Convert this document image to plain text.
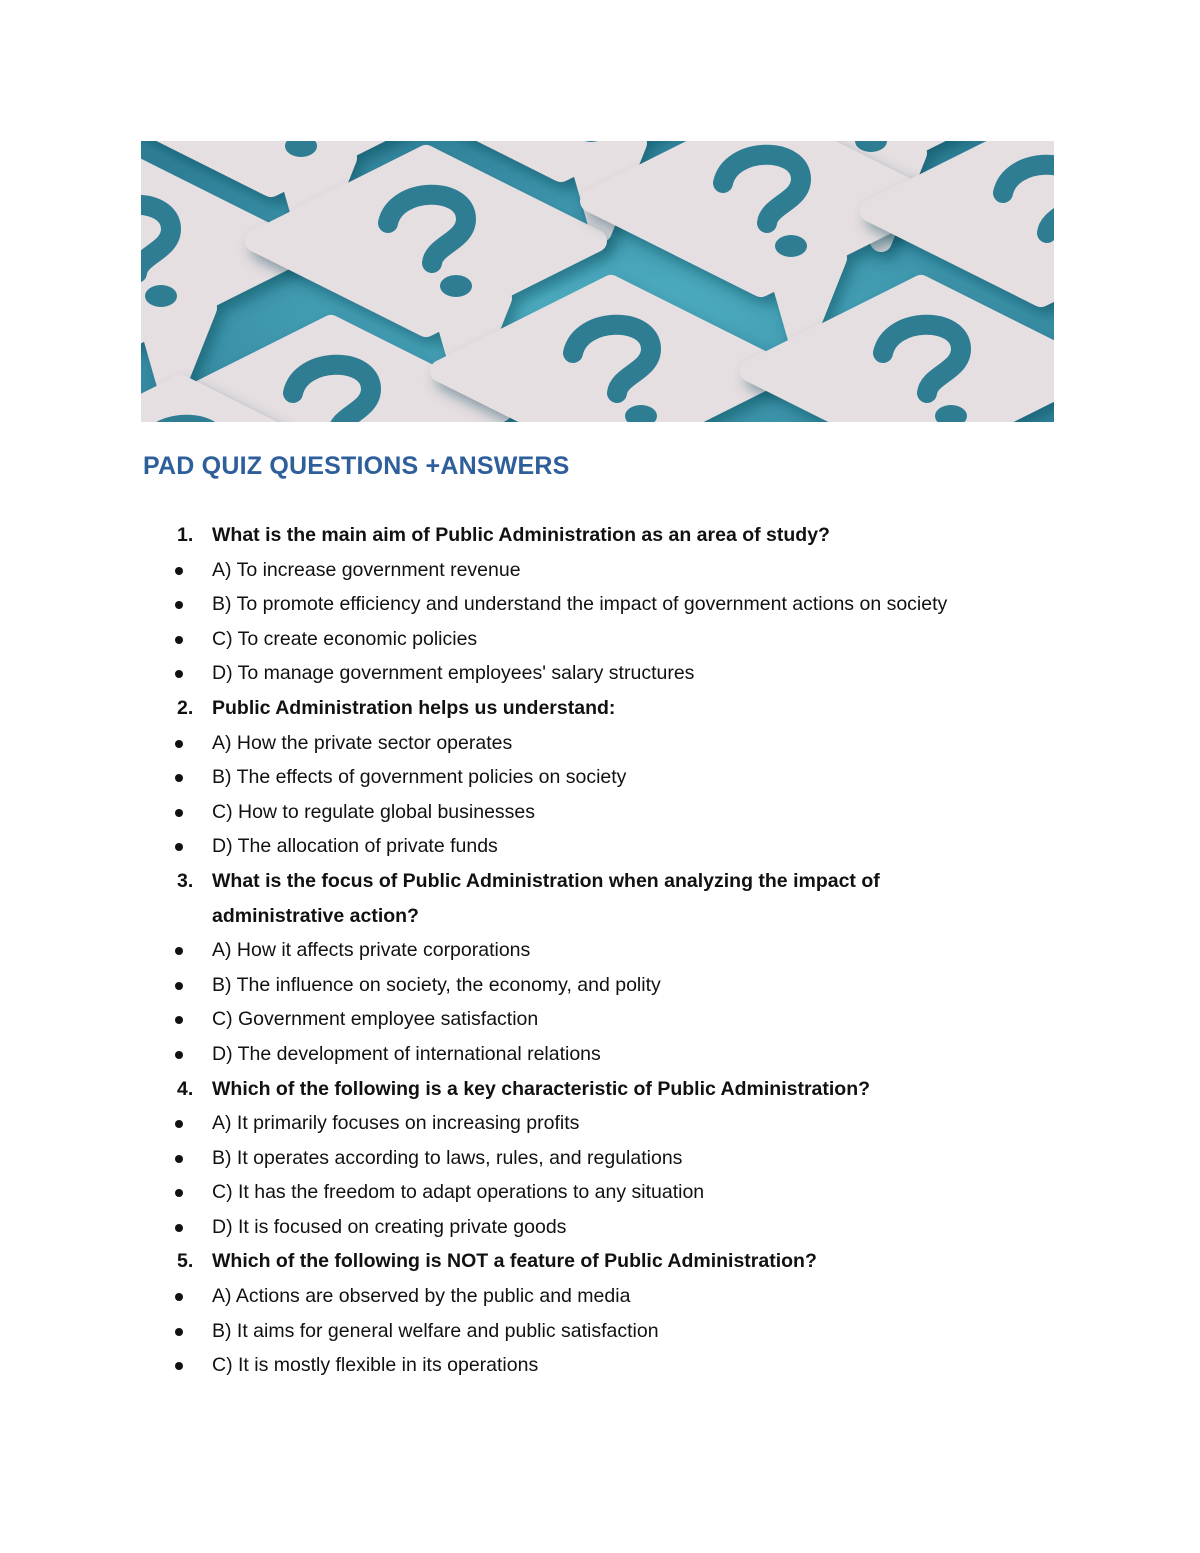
PAD QUIZ QUESTIONS +ANSWERS
1. What is the main aim of Public Administration as an area of study?
A) To increase government revenue
B) To promote efficiency and understand the impact of government actions on society
C) To create economic policies
D) To manage government employees' salary structures
2. Public Administration helps us understand:
A) How the private sector operates
B) The effects of government policies on society
C) How to regulate global businesses
D) The allocation of private funds
3. What is the focus of Public Administration when analyzing the impact of administrative action?
A) How it affects private corporations
B) The influence on society, the economy, and polity
C) Government employee satisfaction
D) The development of international relations
4. Which of the following is a key characteristic of Public Administration?
A) It primarily focuses on increasing profits
B) It operates according to laws, rules, and regulations
C) It has the freedom to adapt operations to any situation
D) It is focused on creating private goods
5. Which of the following is NOT a feature of Public Administration?
A) Actions are observed by the public and media
B) It aims for general welfare and public satisfaction
C) It is mostly flexible in its operations
